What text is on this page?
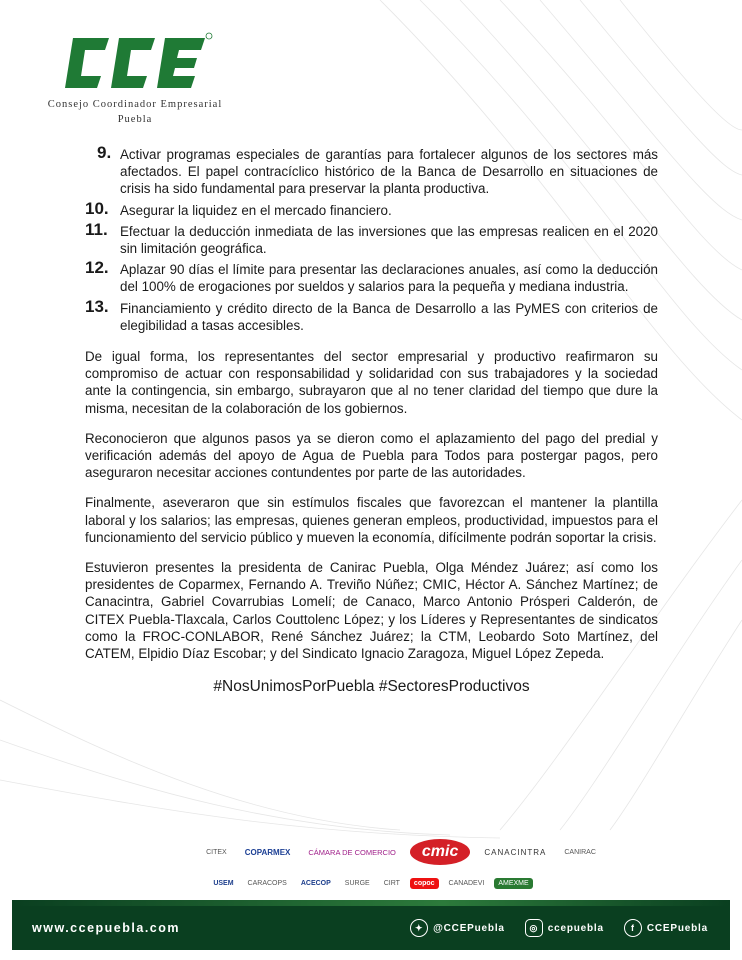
Consejo Coordinador Empresarial
Puebla
9. Activar programas especiales de garantías para fortalecer algunos de los sectores más afectados. El papel contracíclico histórico de la Banca de Desarrollo en situaciones de crisis ha sido fundamental para preservar la planta productiva.
10. Asegurar la liquidez en el mercado financiero.
11. Efectuar la deducción inmediata de las inversiones que las empresas realicen en el 2020 sin limitación geográfica.
12. Aplazar 90 días el límite para presentar las declaraciones anuales, así como la deducción del 100% de erogaciones por sueldos y salarios para la pequeña y mediana industria.
13. Financiamiento y crédito directo de la Banca de Desarrollo a las PyMES con criterios de elegibilidad a tasas accesibles.

De igual forma, los representantes del sector empresarial y productivo reafirmaron su compromiso de actuar con responsabilidad y solidaridad con sus trabajadores y la sociedad ante la contingencia, sin embargo, subrayaron que al no tener claridad del tiempo que dure la misma, necesitan de la colaboración de los gobiernos.

Reconocieron que algunos pasos ya se dieron como el aplazamiento del pago del predial y verificación además del apoyo de Agua de Puebla para Todos para postergar pagos, pero aseguraron necesitar acciones contundentes por parte de las autoridades.

Finalmente, aseveraron que sin estímulos fiscales que favorezcan el mantener la plantilla laboral y los salarios; las empresas, quienes generan empleos, productividad, impuestos para el funcionamiento del servicio público y mueven la economía, difícilmente podrán soportar la crisis.

Estuvieron presentes la presidenta de Canirac Puebla, Olga Méndez Juárez; así como los presidentes de Coparmex, Fernando A. Treviño Núñez; CMIC, Héctor A. Sánchez Martínez; de Canacintra, Gabriel Covarrubias Lomelí; de Canaco, Marco Antonio Prósperi Calderón, de CITEX Puebla-Tlaxcala, Carlos Couttolenc López; y los Líderes y Representantes de sindicatos como la FROC-CONLABOR, René Sánchez Juárez; la CTM, Leobardo Soto Martínez, del CATEM, Elpidio Díaz Escobar; y del Sindicato Ignacio Zaragoza, Miguel López Zepeda.

#NosUnimosPorPuebla #SectoresProductivos

CITEX	COPARMEX	CÁMARA DE COMERCIO	cmic	CANACINTRA	CANIRAC
USEM	CARACOPS	ACECOP	SURGE	CIRT	copoc	CANADEVI	AMEXME
www.ccepuebla.com	✦ @CCEPuebla	◎ ccepuebla	f	CCEPuebla
